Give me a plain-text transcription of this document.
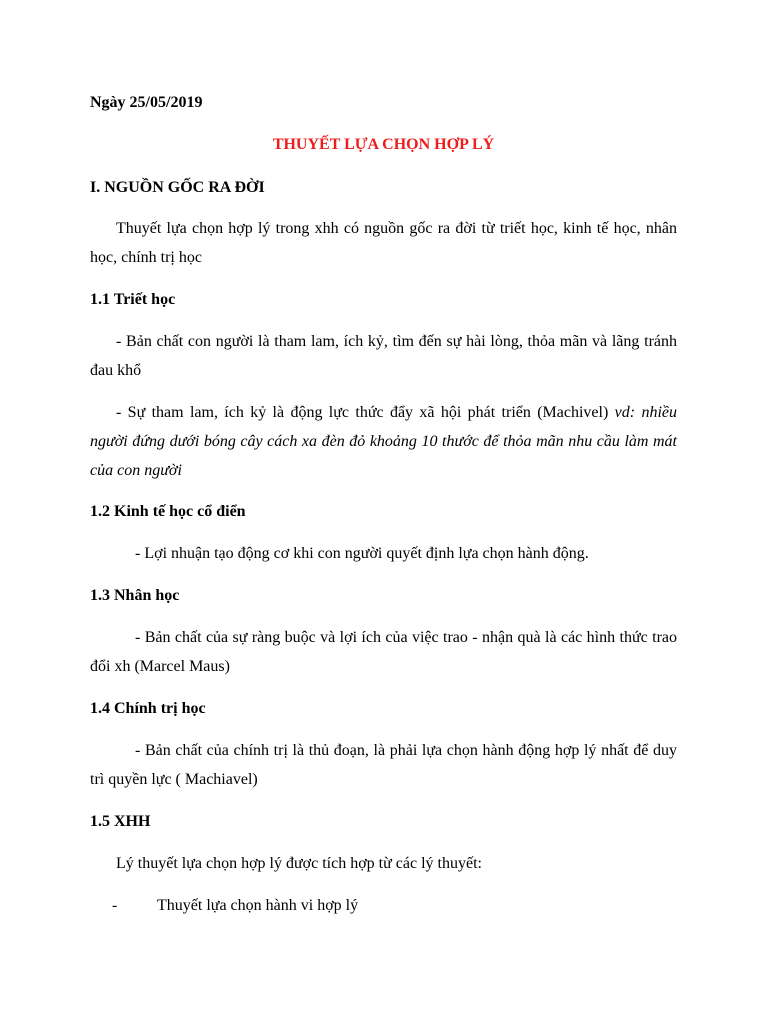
Ngày 25/05/2019

THUYẾT LỰA CHỌN HỢP LÝ

I. NGUỒN GỐC RA ĐỜI

Thuyết lựa chọn hợp lý trong xhh có nguồn gốc ra đời từ triết học, kinh tế học, nhân học, chính trị học

1.1 Triết học

- Bản chất con người là tham lam, ích kỷ, tìm đến sự hài lòng, thỏa mãn và lãng tránh đau khổ

- Sự tham lam, ích kỷ là động lực thức đẩy xã hội phát triển (Machivel) vd: nhiều người đứng dưới bóng cây cách xa đèn đỏ khoảng 10 thước để thỏa mãn nhu cầu làm mát của con người

1.2 Kinh tế học cổ điển

- Lợi nhuận tạo động cơ khi con người quyết định lựa chọn hành động.

1.3 Nhân học

- Bản chất của sự ràng buộc và lợi ích của việc trao - nhận quà là các hình thức trao đổi xh (Marcel Maus)

1.4 Chính trị học

- Bản chất của chính trị là thủ đoạn, là phải lựa chọn hành động hợp lý nhất để duy trì quyền lực ( Machiavel)

1.5 XHH

Lý thuyết lựa chọn hợp lý được tích hợp từ các lý thuyết:

- Thuyết lựa chọn hành vi hợp lý
